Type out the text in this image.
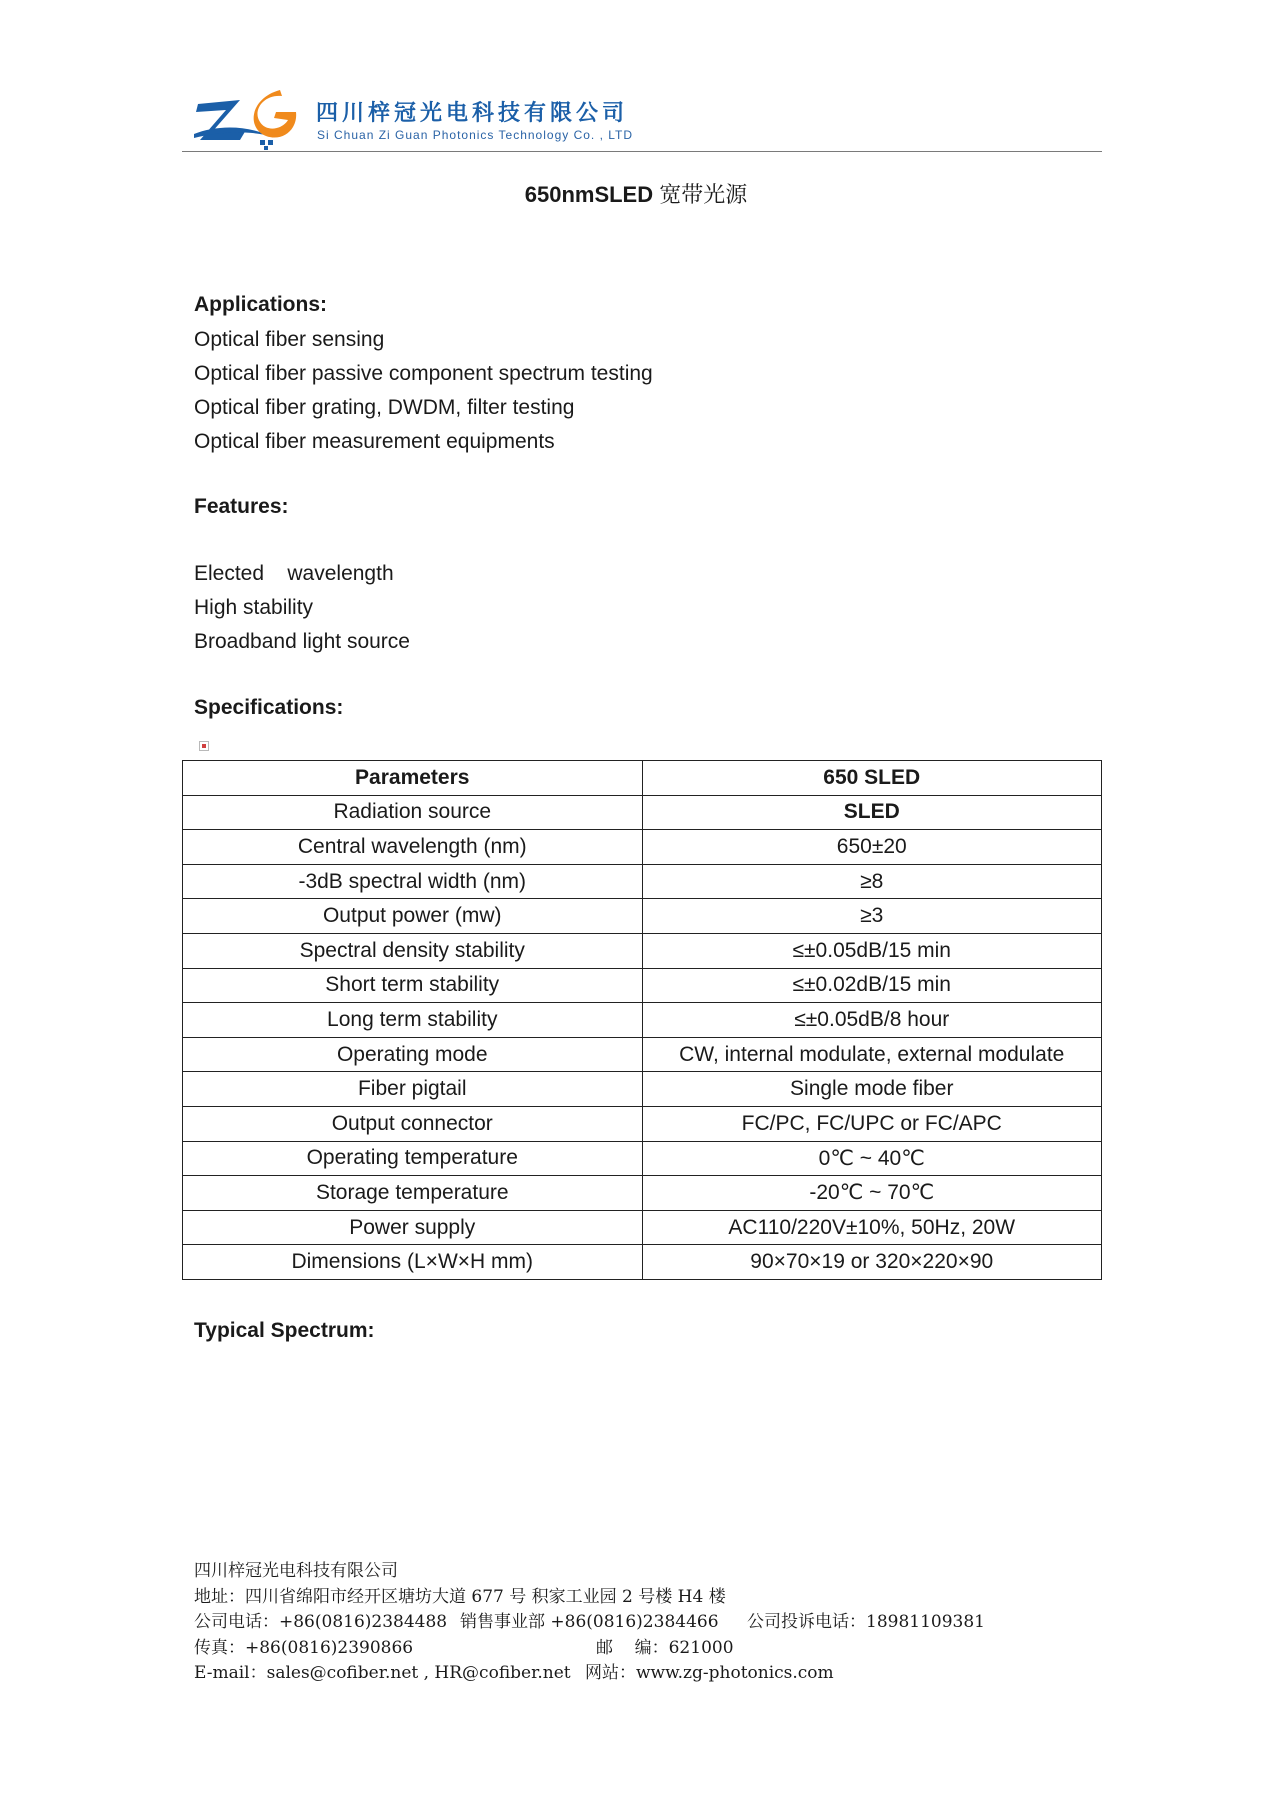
四川梓冠光电科技有限公司
Si Chuan Zi Guan Photonics Technology Co. , LTD
650nmSLED 宽带光源
Applications:
Optical fiber sensing
Optical fiber passive component spectrum testing
Optical fiber grating, DWDM, filter testing
Optical fiber measurement equipments
Features:
Elected    wavelength
High stability
Broadband light source
Specifications:
Parameters	650 SLED
Radiation source	SLED
Central wavelength (nm)	650±20
-3dB spectral width (nm)	≥8
Output power (mw)	≥3
Spectral density stability	≤±0.05dB/15 min
Short term stability	≤±0.02dB/15 min
Long term stability	≤±0.05dB/8 hour
Operating mode	CW, internal modulate, external modulate
Fiber pigtail	Single mode fiber
Output connector	FC/PC, FC/UPC or FC/APC
Operating temperature	0℃ ~ 40℃
Storage temperature	-20℃ ~ 70℃
Power supply	AC110/220V±10%, 50Hz, 20W
Dimensions (L×W×H mm)	90×70×19 or 320×220×90
Typical Spectrum:
四川梓冠光电科技有限公司
地址：四川省绵阳市经开区塘坊大道 677 号 积家工业园 2 号楼 H4 楼
公司电话：+86(0816)2384488 销售事业部 +86(0816)2384466 公司投诉电话：18981109381
传真：+86(0816)2390866	邮    编：621000
E-mail：sales@cofiber.net , HR@cofiber.net 网站：www.zg-photonics.com
